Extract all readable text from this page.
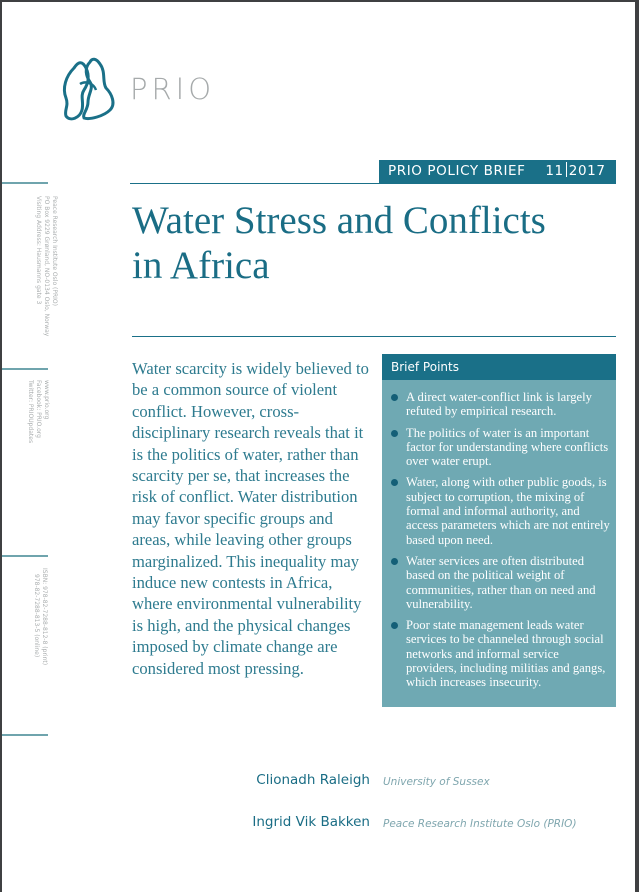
PRIO
Peace Research Institute Oslo (PRIO)
PO Box 9229 Grønland, NO-0134 Oslo, Norway
Visiting Address: Hausmanns gate 3
www.prio.org
Facebook: PRIO.org
Twitter: PRIOUpdates
ISBN: 978-82-7288-812-8 (print)
978-82-7288-813-5 (online)
PRIO POLICY BRIEF 11 2017
Water Stress and Conflicts
in Africa

Water scarcity is widely believed to be a common source of violent conflict. However, cross-disciplinary research reveals that it is the politics of water, rather than scarcity per se, that increases the risk of conflict. Water distribution may favor specific groups and areas, while leaving other groups marginalized. This inequality may induce new contests in Africa, where environmental vulnerability is high, and the physical changes imposed by climate change are considered most pressing.

Brief Points
A direct water-conflict link is largely refuted by empirical research.
The politics of water is an important factor for understanding where conflicts over water erupt.
Water, along with other public goods, is subject to corruption, the mixing of formal and informal authority, and access parameters which are not entirely based upon need.
Water services are often distributed based on the political weight of communities, rather than on need and vulnerability.
Poor state management leads water services to be channeled through social networks and informal service providers, including militias and gangs, which increases insecurity.
Clionadh Raleigh University of Sussex
Ingrid Vik Bakken Peace Research Institute Oslo (PRIO)
